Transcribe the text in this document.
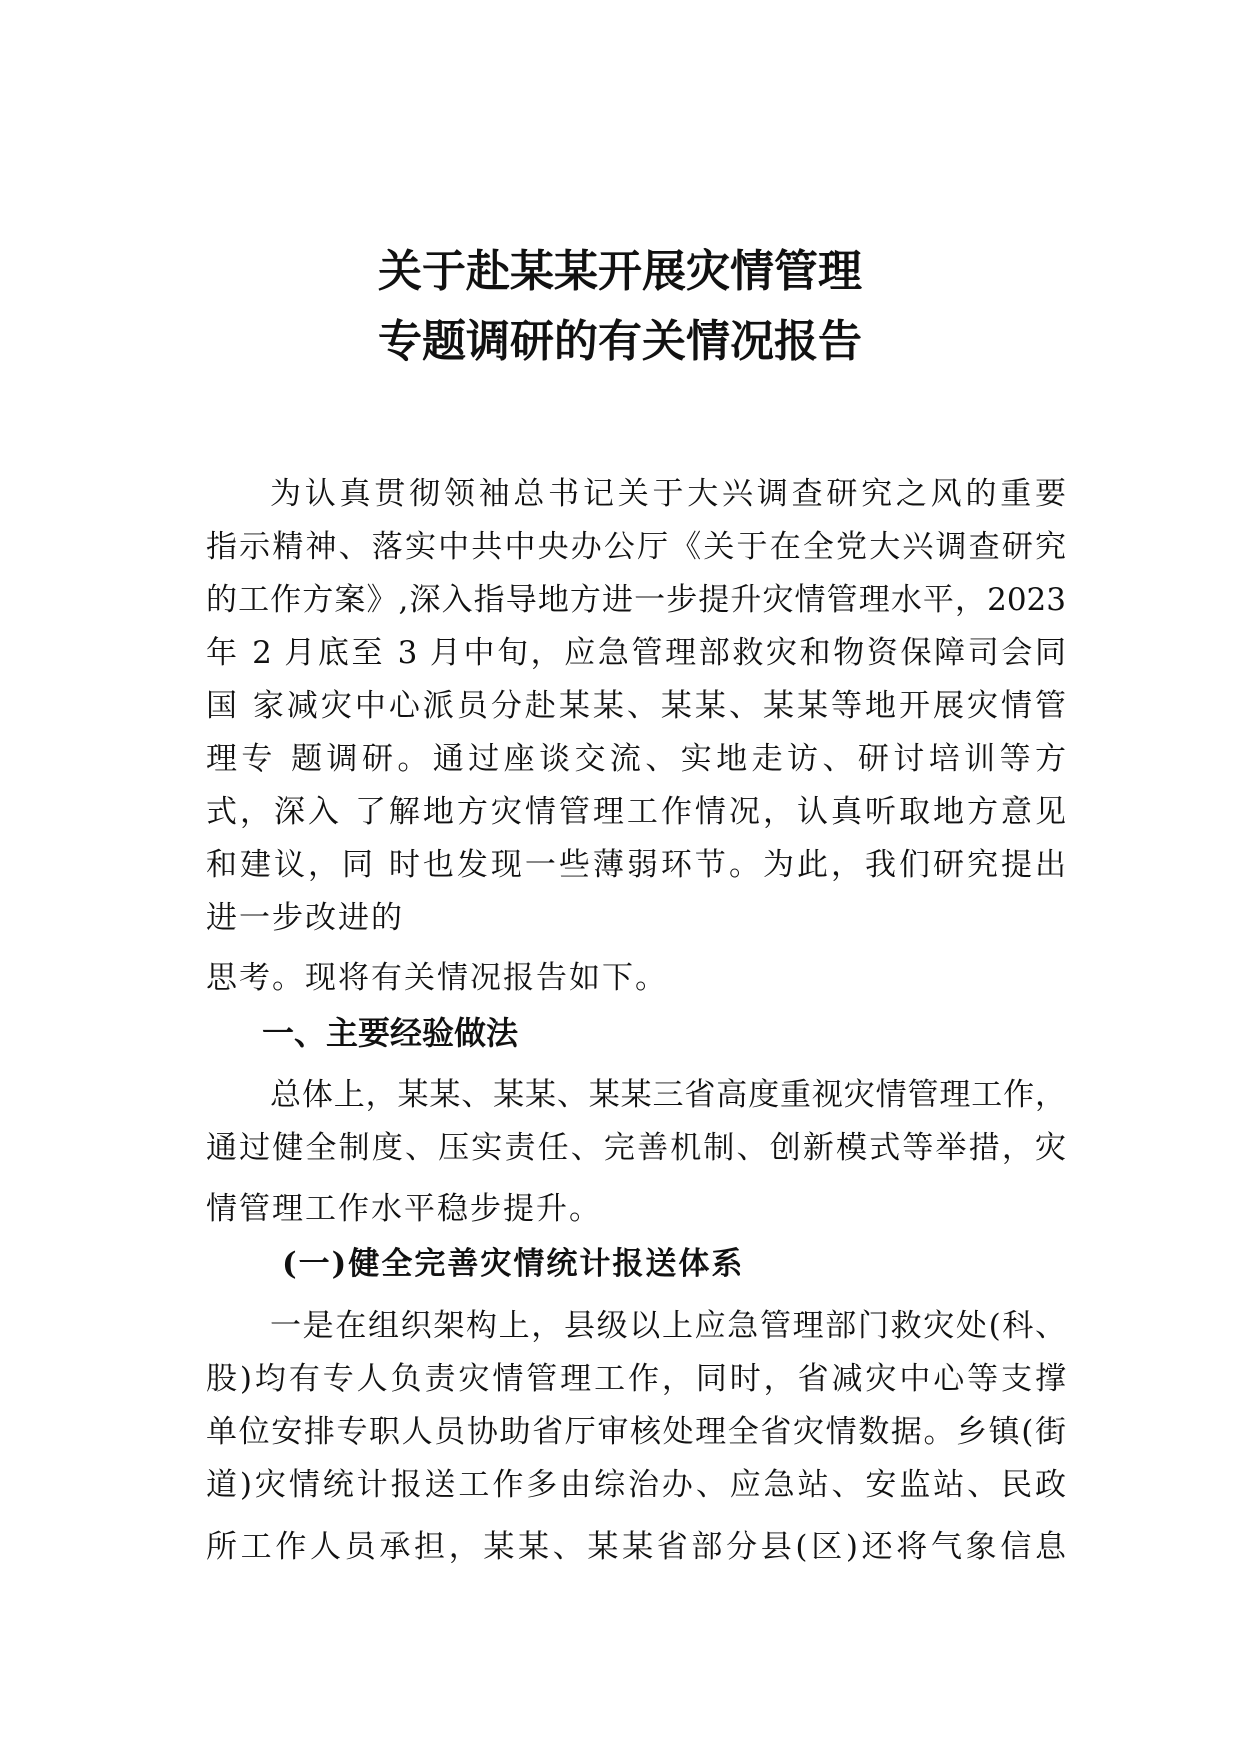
关于赴某某开展灾情管理
专题调研的有关情况报告

为认真贯彻领袖总书记关于大兴调查研究之风的重要

指示精神、落实中共中央办公厅《关于在全党大兴调查研究

的工作方案》,深入指导地方进一步提升灾情管理水平，2023

年 2 月底至 3 月中旬，应急管理部救灾和物资保障司会同

国 家减灾中心派员分赴某某、某某、某某等地开展灾情管

理专 题调研。通过座谈交流、实地走访、研讨培训等方

式，深入 了解地方灾情管理工作情况，认真听取地方意见

和建议，同 时也发现一些薄弱环节。为此，我们研究提出

进一步改进的

思考。现将有关情况报告如下。

一、主要经验做法

总体上，某某、某某、某某三省高度重视灾情管理工作，

通过健全制度、压实责任、完善机制、创新模式等举措，灾

情管理工作水平稳步提升。

(一)健全完善灾情统计报送体系

一是在组织架构上，县级以上应急管理部门救灾处(科、

股)均有专人负责灾情管理工作，同时，省减灾中心等支撑

单位安排专职人员协助省厅审核处理全省灾情数据。乡镇(街

道)灾情统计报送工作多由综治办、应急站、安监站、民政

所工作人员承担，某某、某某省部分县(区)还将气象信息
